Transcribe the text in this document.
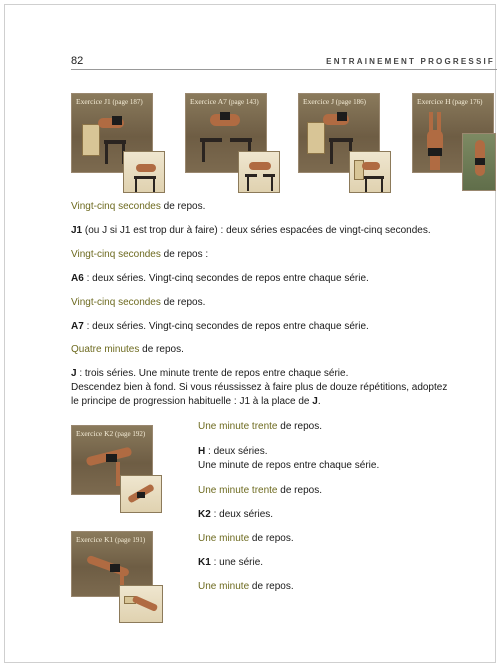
82	ENTRAINEMENT PROGRESSIF
Exercice J1 (page 187)	Exercice A7 (page 143)	Exercice J (page 186)	Exercice H (page 176)
Vingt-cinq secondes de repos.
J1 (ou J si J1 est trop dur à faire) : deux séries espacées de vingt-cinq secondes.
Vingt-cinq secondes de repos :
A6 : deux séries. Vingt-cinq secondes de repos entre chaque série.
Vingt-cinq secondes de repos.
A7 : deux séries. Vingt-cinq secondes de repos entre chaque série.
Quatre minutes de repos.
J : trois séries. Une minute trente de repos entre chaque série.
Descendez bien à fond. Si vous réussissez à faire plus de douze répétitions, adoptez
le principe de progression habituelle : J1 à la place de J.
Exercice K2 (page 192)
Exercice K1 (page 191)
Une minute trente de repos.
H : deux séries.
Une minute de repos entre chaque série.
Une minute trente de repos.
K2 : deux séries.
Une minute de repos.
K1 : une série.
Une minute de repos.
